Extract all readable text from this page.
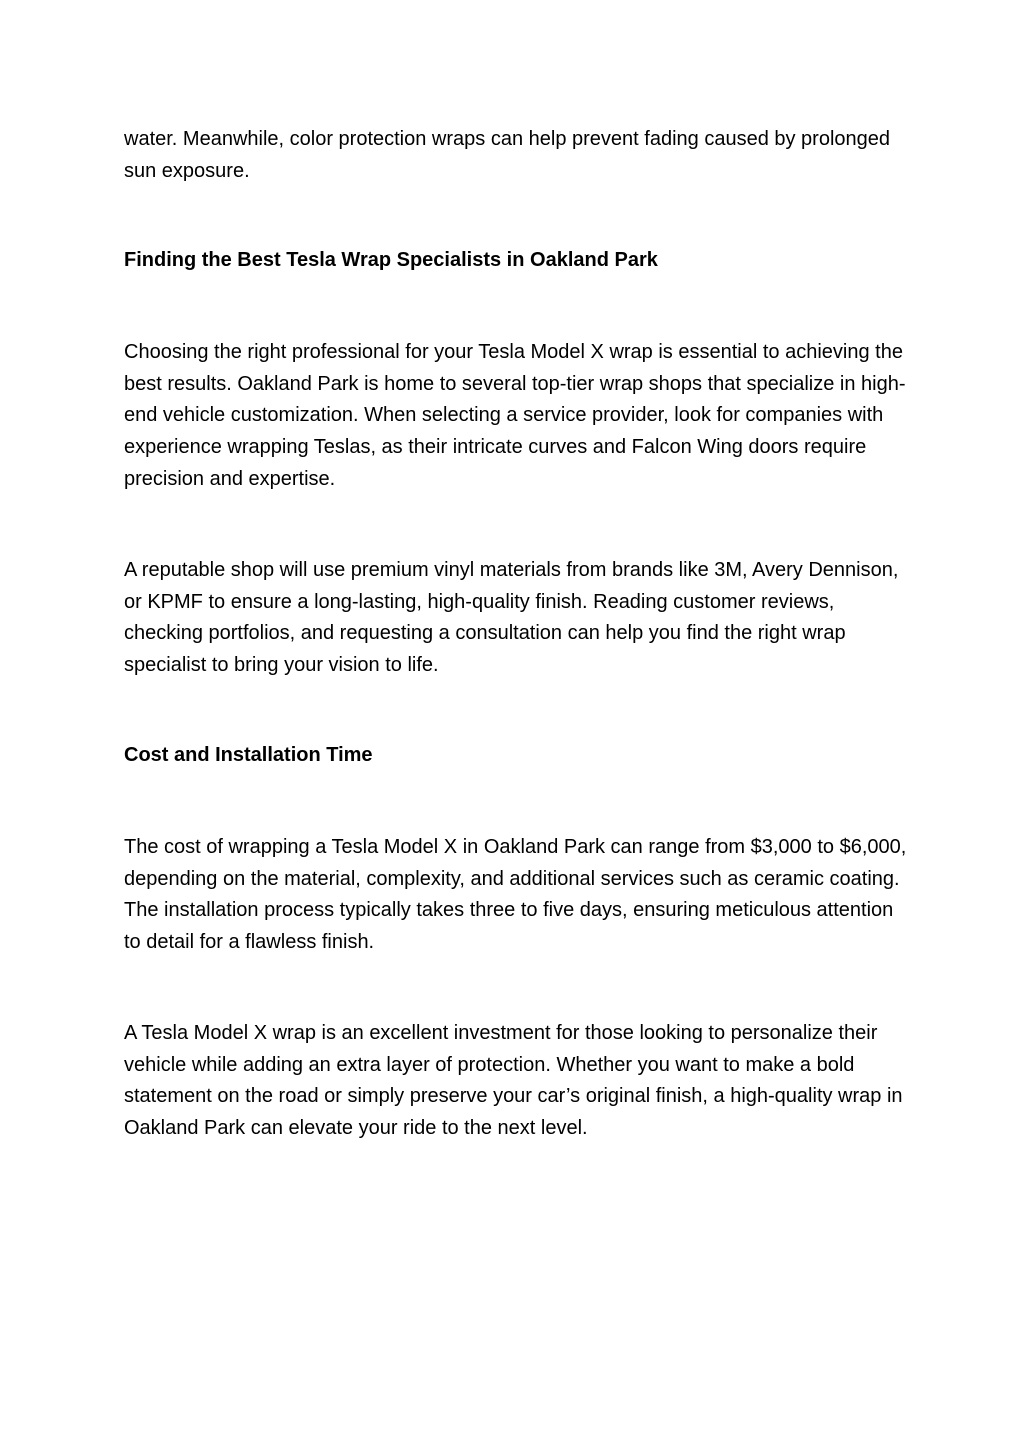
water. Meanwhile, color protection wraps can help prevent fading caused by prolonged sun exposure.

Finding the Best Tesla Wrap Specialists in Oakland Park

Choosing the right professional for your Tesla Model X wrap is essential to achieving the best results. Oakland Park is home to several top-tier wrap shops that specialize in high-end vehicle customization. When selecting a service provider, look for companies with experience wrapping Teslas, as their intricate curves and Falcon Wing doors require precision and expertise.

A reputable shop will use premium vinyl materials from brands like 3M, Avery Dennison, or KPMF to ensure a long-lasting, high-quality finish. Reading customer reviews, checking portfolios, and requesting a consultation can help you find the right wrap specialist to bring your vision to life.

Cost and Installation Time

The cost of wrapping a Tesla Model X in Oakland Park can range from $3,000 to $6,000, depending on the material, complexity, and additional services such as ceramic coating. The installation process typically takes three to five days, ensuring meticulous attention to detail for a flawless finish.

A Tesla Model X wrap is an excellent investment for those looking to personalize their vehicle while adding an extra layer of protection. Whether you want to make a bold statement on the road or simply preserve your car’s original finish, a high-quality wrap in Oakland Park can elevate your ride to the next level.
